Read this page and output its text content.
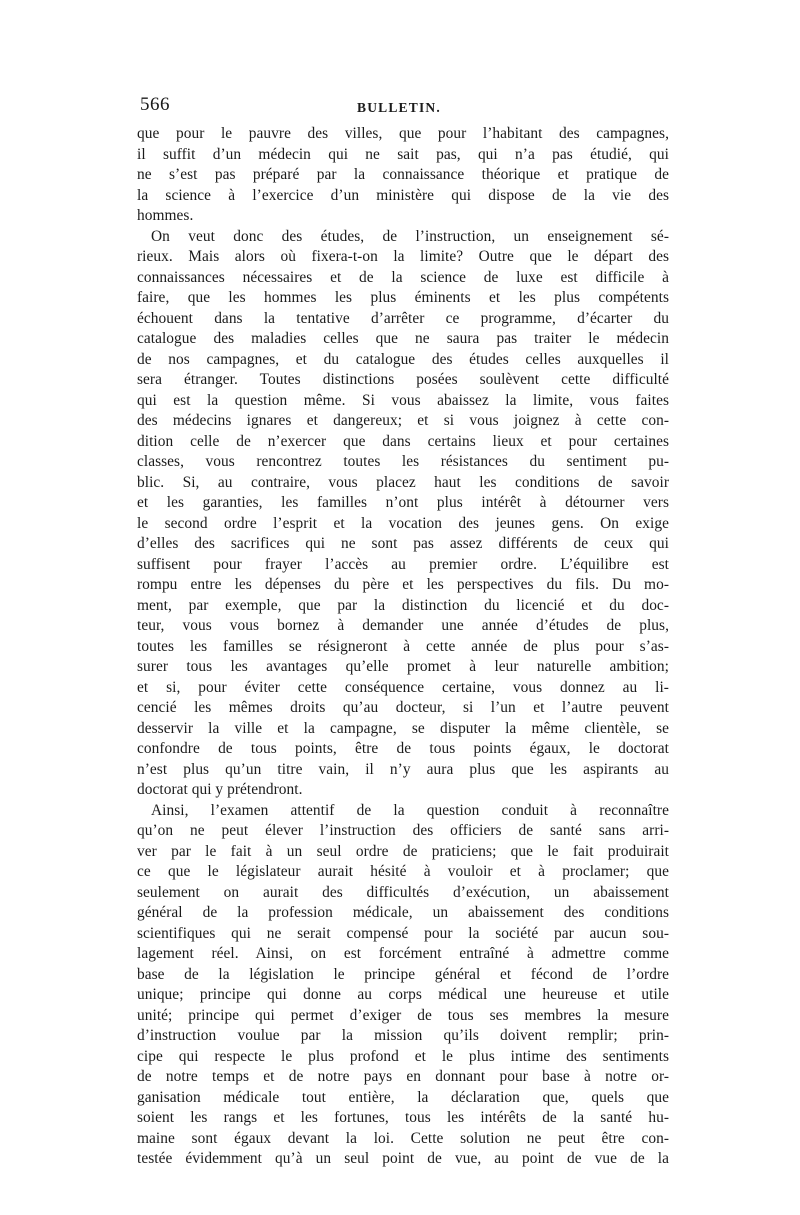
566	BULLETIN.
que pour le pauvre des villes, que pour l’habitant des campagnes,
il suffit d’un médecin qui ne sait pas, qui n’a pas étudié, qui
ne s’est pas préparé par la connaissance théorique et pratique de
la science à l’exercice d’un ministère qui dispose de la vie des
hommes.
On veut donc des études, de l’instruction, un enseignement sé-
rieux. Mais alors où fixera-t-on la limite? Outre que le départ des
connaissances nécessaires et de la science de luxe est difficile à
faire, que les hommes les plus éminents et les plus compétents
échouent dans la tentative d’arrêter ce programme, d’écarter du
catalogue des maladies celles que ne saura pas traiter le médecin
de nos campagnes, et du catalogue des études celles auxquelles il
sera étranger. Toutes distinctions posées soulèvent cette difficulté
qui est la question même. Si vous abaissez la limite, vous faites
des médecins ignares et dangereux; et si vous joignez à cette con-
dition celle de n’exercer que dans certains lieux et pour certaines
classes, vous rencontrez toutes les résistances du sentiment pu-
blic. Si, au contraire, vous placez haut les conditions de savoir
et les garanties, les familles n’ont plus intérêt à détourner vers
le second ordre l’esprit et la vocation des jeunes gens. On exige
d’elles des sacrifices qui ne sont pas assez différents de ceux qui
suffisent pour frayer l’accès au premier ordre. L’équilibre est
rompu entre les dépenses du père et les perspectives du fils. Du mo-
ment, par exemple, que par la distinction du licencié et du doc-
teur, vous vous bornez à demander une année d’études de plus,
toutes les familles se résigneront à cette année de plus pour s’as-
surer tous les avantages qu’elle promet à leur naturelle ambition;
et si, pour éviter cette conséquence certaine, vous donnez au li-
cencié les mêmes droits qu’au docteur, si l’un et l’autre peuvent
desservir la ville et la campagne, se disputer la même clientèle, se
confondre de tous points, être de tous points égaux, le doctorat
n’est plus qu’un titre vain, il n’y aura plus que les aspirants au
doctorat qui y prétendront.
Ainsi, l’examen attentif de la question conduit à reconnaître
qu’on ne peut élever l’instruction des officiers de santé sans arri-
ver par le fait à un seul ordre de praticiens; que le fait produirait
ce que le législateur aurait hésité à vouloir et à proclamer; que
seulement on aurait des difficultés d’exécution, un abaissement
général de la profession médicale, un abaissement des conditions
scientifiques qui ne serait compensé pour la société par aucun sou-
lagement réel. Ainsi, on est forcément entraîné à admettre comme
base de la législation le principe général et fécond de l’ordre
unique; principe qui donne au corps médical une heureuse et utile
unité; principe qui permet d’exiger de tous ses membres la mesure
d’instruction voulue par la mission qu’ils doivent remplir; prin-
cipe qui respecte le plus profond et le plus intime des sentiments
de notre temps et de notre pays en donnant pour base à notre or-
ganisation médicale tout entière, la déclaration que, quels que
soient les rangs et les fortunes, tous les intérêts de la santé hu-
maine sont égaux devant la loi. Cette solution ne peut être con-
testée évidemment qu’à un seul point de vue, au point de vue de la
